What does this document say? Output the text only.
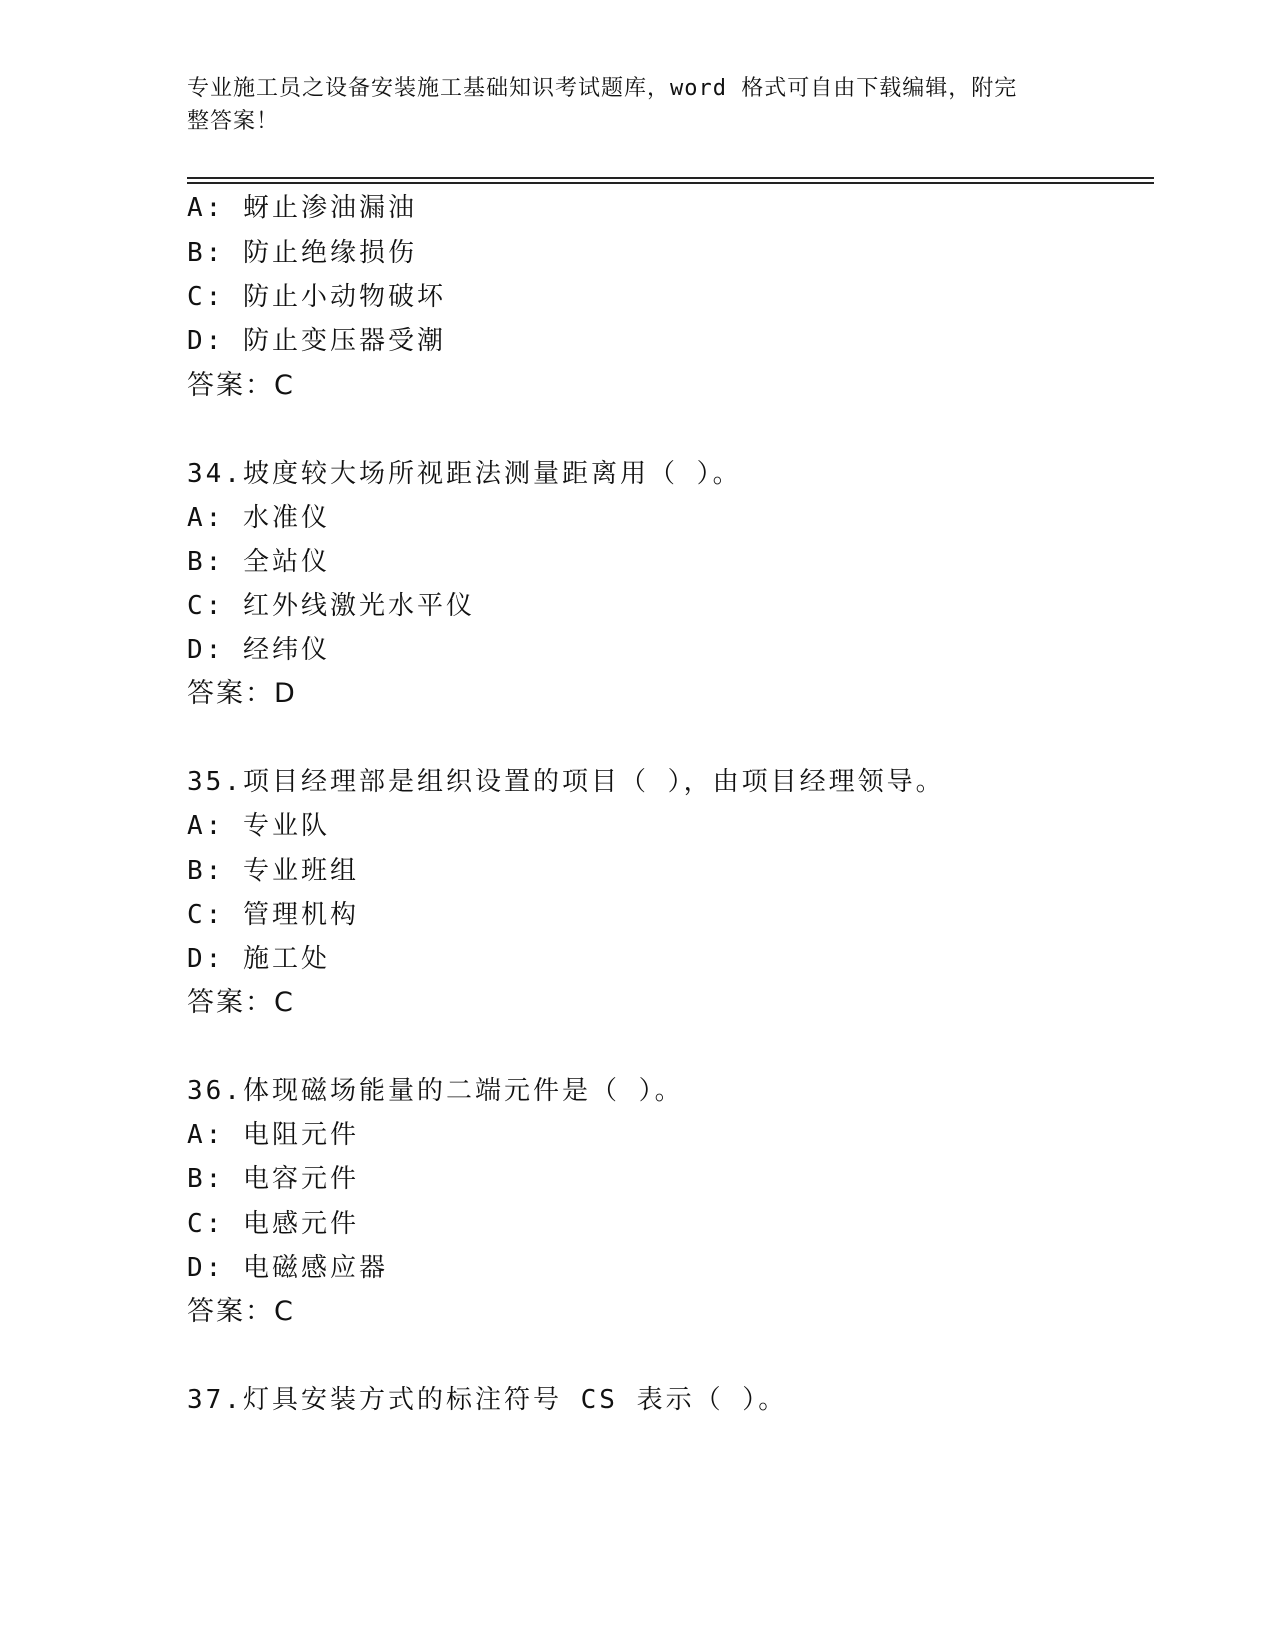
专业施工员之设备安装施工基础知识考试题库，word 格式可自由下载编辑，附完
整答案！
A: 蚜止渗油漏油
B: 防止绝缘损伤
C: 防止小动物破坏
D: 防止变压器受潮
答案：C
34.坡度较大场所视距法测量距离用（ ）。
A: 水准仪
B: 全站仪
C: 红外线激光水平仪
D: 经纬仪
答案：D
35.项目经理部是组织设置的项目（ ），由项目经理领导。
A: 专业队
B: 专业班组
C: 管理机构
D: 施工处
答案：C
36.体现磁场能量的二端元件是（ ）。
A: 电阻元件
B: 电容元件
C: 电感元件
D: 电磁感应器
答案：C
37.灯具安装方式的标注符号 CS 表示（ ）。
